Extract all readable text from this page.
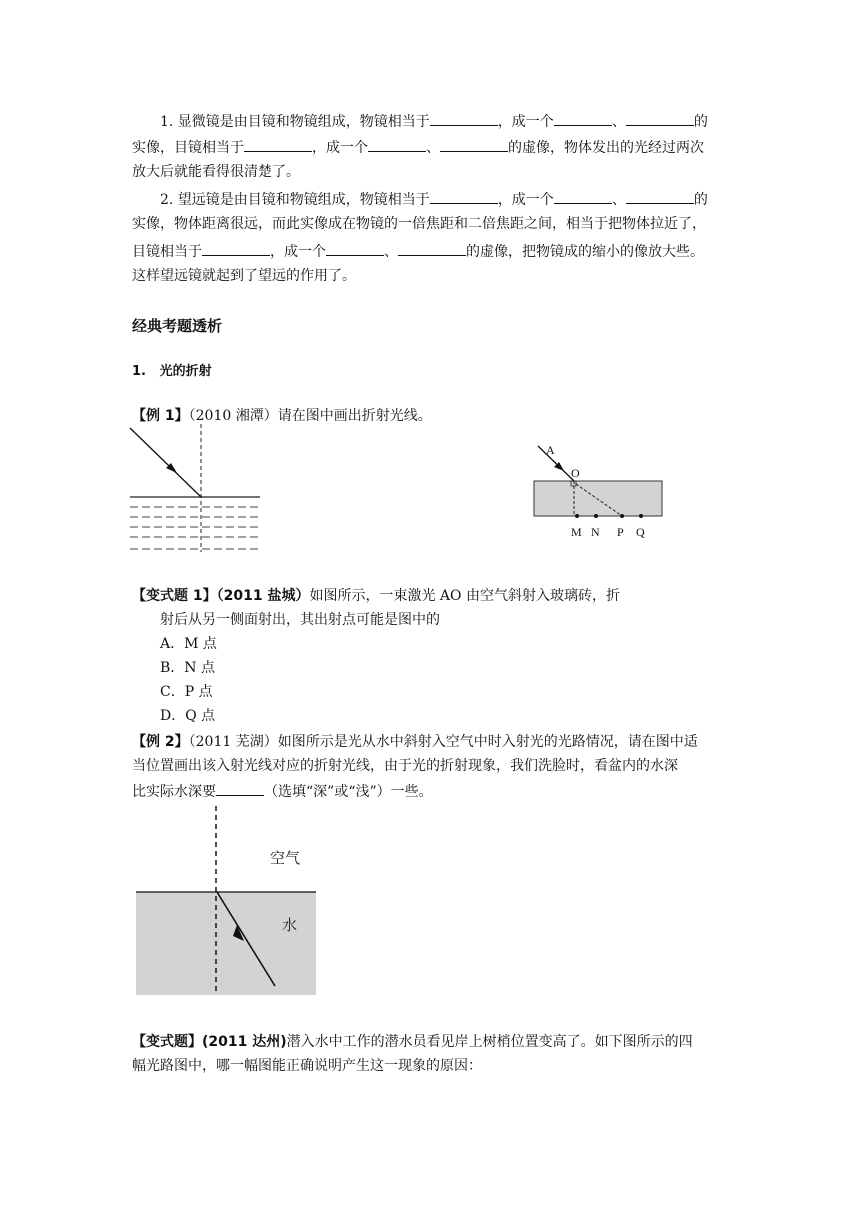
1. 显微镜是由目镜和物镜组成，物镜相当于	，成一个	、	的
实像，目镜相当于	，成一个	、	的虚像，物体发出的光经过两次
放大后就能看得很清楚了。
2. 望远镜是由目镜和物镜组成，物镜相当于	，成一个	、	的
实像，物体距离很远，而此实像成在物镜的一倍焦距和二倍焦距之间，相当于把物体拉近了，
目镜相当于	，成一个	、	的虚像，把物镜成的缩小的像放大些。
这样望远镜就起到了望远的作用了。
经典考题透析
1. 光的折射
【例 1】（2010 湘潭）请在图中画出折射光线。
A
O
M N P Q
【变式题 1】（2011 盐城）如图所示，一束激光 AO 由空气斜射入玻璃砖，折
射后从另一侧面射出，其出射点可能是图中的
A．M 点
B．N 点
C．P 点
D．Q 点
【例 2】（2011 芜湖）如图所示是光从水中斜射入空气中时入射光的光路情况，请在图中适
当位置画出该入射光线对应的折射光线，由于光的折射现象，我们洗脸时，看盆内的水深
比实际水深要	（选填“深”或“浅”）一些。
空气
水
【变式题】(2011 达州)潜入水中工作的潜水员看见岸上树梢位置变高了。如下图所示的四
幅光路图中，哪一幅图能正确说明产生这一现象的原因：
